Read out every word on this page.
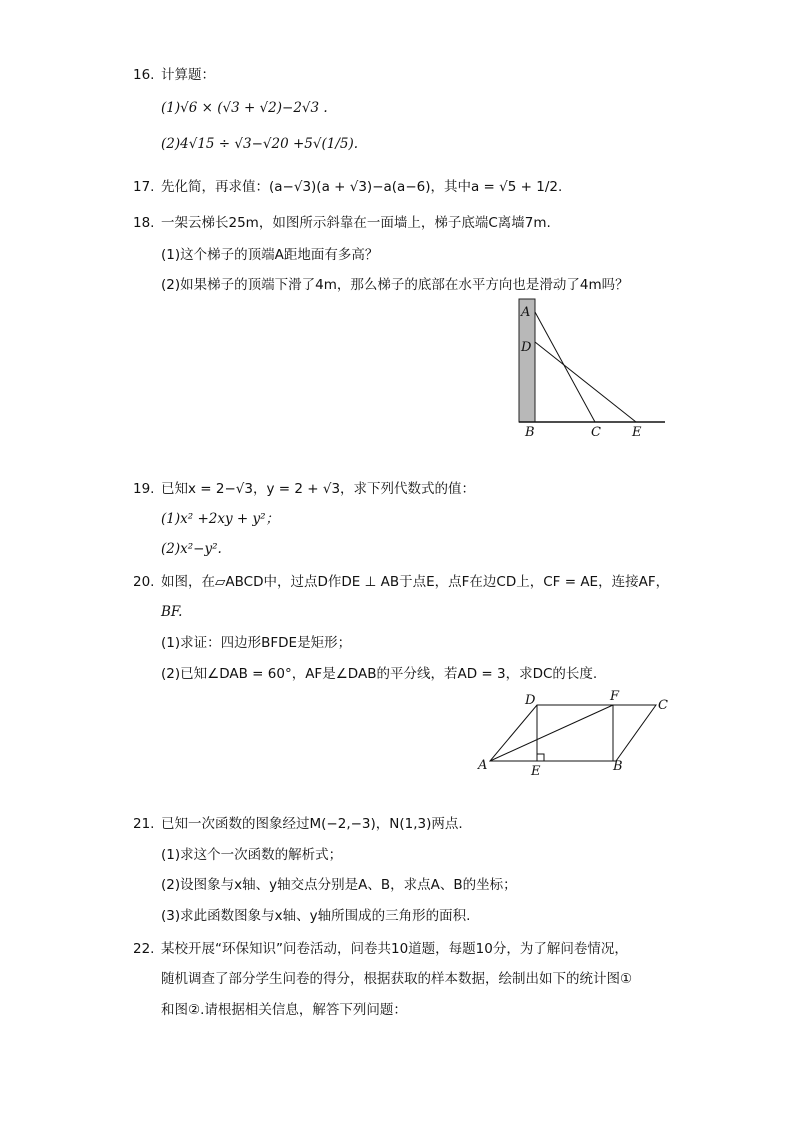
16. 计算题：
(1)√6 × (√3 + √2)−2√3 .
(2)4√15 ÷ √3−√20 +5√(1/5).
17. 先化简，再求值：(a−√3)(a + √3)−a(a−6)，其中a = √5 + 1/2.
18. 一架云梯长25m，如图所示斜靠在一面墙上，梯子底端C离墙7m.
(1)这个梯子的顶端A距地面有多高？
(2)如果梯子的顶端下滑了4m，那么梯子的底部在水平方向也是滑动了4m吗？
A
D
B	C E
19. 已知x = 2−√3，y = 2 + √3，求下列代数式的值：
(1)x² +2xy + y²；
(2)x²−y².
20. 如图，在▱ABCD中，过点D作DE ⊥ AB于点E，点F在边CD上，CF = AE，连接AF，
BF.
(1)求证：四边形BFDE是矩形；
(2)已知∠DAB = 60°，AF是∠DAB的平分线，若AD = 3，求DC的长度.
D	F
C
A	E	B
21. 已知一次函数的图象经过M(−2,−3)，N(1,3)两点.
(1)求这个一次函数的解析式；
(2)设图象与x轴、y轴交点分别是A、B，求点A、B的坐标；
(3)求此函数图象与x轴、y轴所围成的三角形的面积.
22. 某校开展“环保知识”问卷活动，问卷共10道题，每题10分，为了解问卷情况，
随机调查了部分学生问卷的得分，根据获取的样本数据，绘制出如下的统计图①
和图②.请根据相关信息，解答下列问题：
